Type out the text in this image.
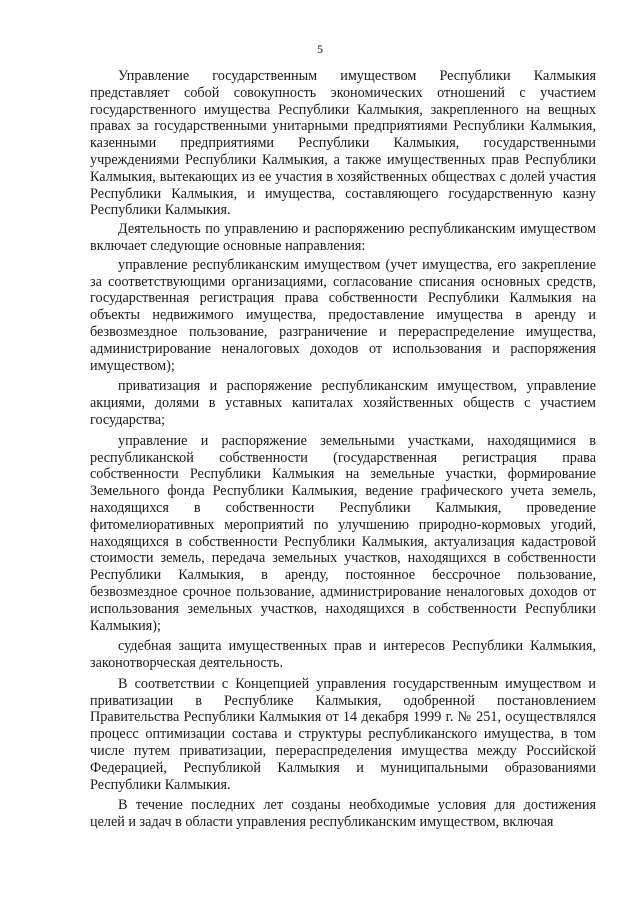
5

Управление государственным имуществом Республики Калмыкия представляет собой совокупность экономических отношений с участием государственного имущества Республики Калмыкия, закрепленного на вещных правах за государственными унитарными предприятиями Республики Калмыкия, казенными предприятиями Республики Калмыкия, государственными учреждениями Республики Калмыкия, а также имущественных прав Республики Калмыкия, вытекающих из ее участия в хозяйственных обществах с долей участия Республики Калмыкия, и имущества, составляющего государственную казну Республики Калмыкия.

Деятельность по управлению и распоряжению республиканским имуществом включает следующие основные направления:

управление республиканским имуществом (учет имущества, его закрепление за соответствующими организациями, согласование списания основных средств, государственная регистрация права собственности Республики Калмыкия на объекты недвижимого имущества, предоставление имущества в аренду и безвозмездное пользование, разграничение и перераспределение имущества, администрирование неналоговых доходов от использования и распоряжения имуществом);

приватизация и распоряжение республиканским имуществом, управление акциями, долями в уставных капиталах хозяйственных обществ с участием государства;

управление и распоряжение земельными участками, находящимися в республиканской собственности (государственная регистрация права собственности Республики Калмыкия на земельные участки, формирование Земельного фонда Республики Калмыкия, ведение графического учета земель, находящихся в собственности Республики Калмыкия, проведение фитомелиоративных мероприятий по улучшению природно-кормовых угодий, находящихся в собственности Республики Калмыкия, актуализация кадастровой стоимости земель, передача земельных участков, находящихся в собственности Республики Калмыкия, в аренду, постоянное бессрочное пользование, безвозмездное срочное пользование, администрирование неналоговых доходов от использования земельных участков, находящихся в собственности Республики Калмыкия);

судебная защита имущественных прав и интересов Республики Калмыкия, законотворческая деятельность.

В соответствии с Концепцией управления государственным имуществом и приватизации в Республике Калмыкия, одобренной постановлением Правительства Республики Калмыкия от 14 декабря 1999 г. № 251, осуществлялся процесс оптимизации состава и структуры республиканского имущества, в том числе путем приватизации, перераспределения имущества между Российской Федерацией, Республикой Калмыкия и муниципальными образованиями Республики Калмыкия.

В течение последних лет созданы необходимые условия для достижения целей и задач в области управления республиканским имуществом, включая
